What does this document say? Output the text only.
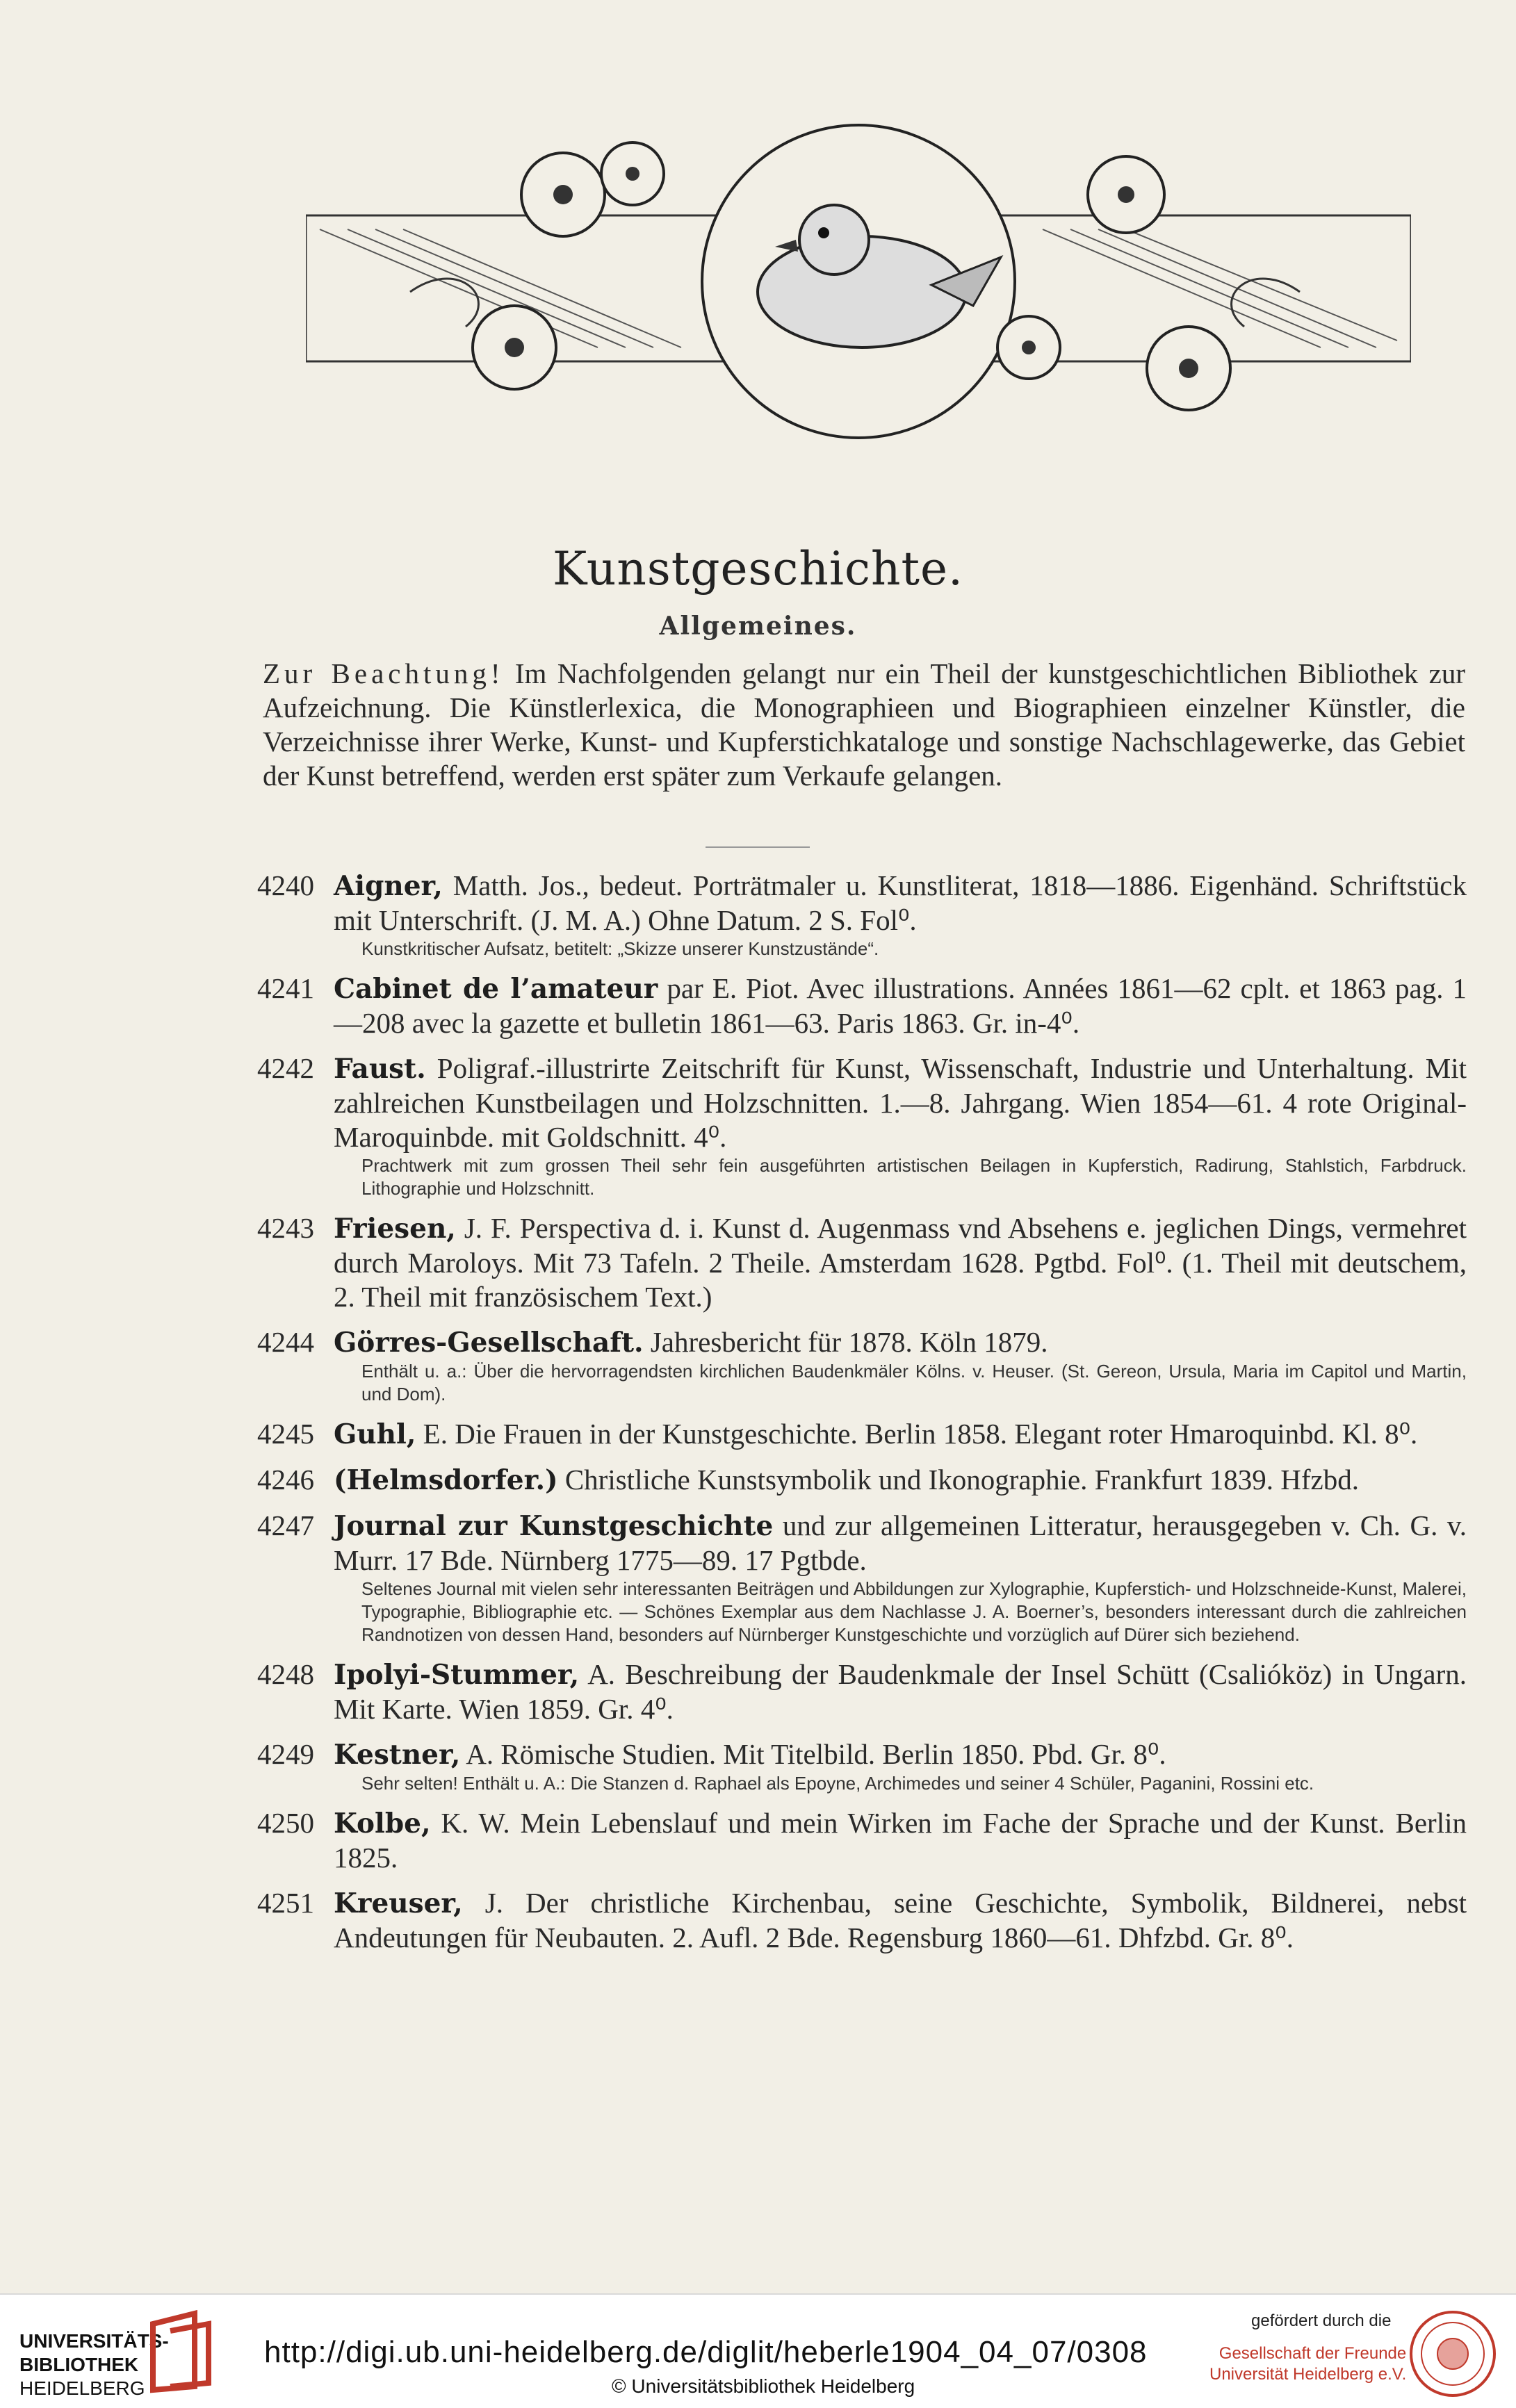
Kunstgeschichte.
Allgemeines.
Zur Beachtung! Im Nachfolgenden gelangt nur ein Theil der kunstgeschichtlichen Bibliothek zur Aufzeichnung. Die Künstlerlexica, die Monographieen und Biographieen einzelner Künstler, die Verzeichnisse ihrer Werke, Kunst- und Kupferstichkataloge und sonstige Nachschlagewerke, das Gebiet der Kunst betreffend, werden erst später zum Verkaufe gelangen.
4240 Aigner, Matth. Jos., bedeut. Porträtmaler u. Kunstliterat, 1818—1886. Eigenhänd. Schriftstück mit Unterschrift. (J. M. A.) Ohne Datum. 2 S. Fol⁰.
Kunstkritischer Aufsatz, betitelt: „Skizze unserer Kunstzustände“.
4241 Cabinet de l’amateur par E. Piot. Avec illustrations. Années 1861—62 cplt. et 1863 pag. 1—208 avec la gazette et bulletin 1861—63. Paris 1863. Gr. in-4⁰.
4242 Faust. Poligraf.-illustrirte Zeitschrift für Kunst, Wissenschaft, Industrie und Unterhaltung. Mit zahlreichen Kunstbeilagen und Holzschnitten. 1.—8. Jahrgang. Wien 1854—61. 4 rote Original-Maroquinbde. mit Goldschnitt. 4⁰.
Prachtwerk mit zum grossen Theil sehr fein ausgeführten artistischen Beilagen in Kupferstich, Radirung, Stahlstich, Farbdruck. Lithographie und Holzschnitt.
4243 Friesen, J. F. Perspectiva d. i. Kunst d. Augenmass vnd Absehens e. jeglichen Dings, vermehret durch Maroloys. Mit 73 Tafeln. 2 Theile. Amsterdam 1628. Pgtbd. Fol⁰. (1. Theil mit deutschem, 2. Theil mit französischem Text.)
4244 Görres-Gesellschaft. Jahresbericht für 1878. Köln 1879.
Enthält u. a.: Über die hervorragendsten kirchlichen Baudenkmäler Kölns. v. Heuser. (St. Gereon, Ursula, Maria im Capitol und Martin, und Dom).
4245 Guhl, E. Die Frauen in der Kunstgeschichte. Berlin 1858. Elegant roter Hmaroquinbd. Kl. 8⁰.
4246 (Helmsdorfer.) Christliche Kunstsymbolik und Ikonographie. Frankfurt 1839. Hfzbd.
4247 Journal zur Kunstgeschichte und zur allgemeinen Litteratur, herausgegeben v. Ch. G. v. Murr. 17 Bde. Nürnberg 1775—89. 17 Pgtbde.
Seltenes Journal mit vielen sehr interessanten Beiträgen und Abbildungen zur Xylographie, Kupferstich- und Holzschneide-Kunst, Malerei, Typographie, Bibliographie etc. — Schönes Exemplar aus dem Nachlasse J. A. Boerner’s, besonders interessant durch die zahlreichen Randnotizen von dessen Hand, besonders auf Nürnberger Kunstgeschichte und vorzüglich auf Dürer sich beziehend.
4248 Ipolyi-Stummer, A. Beschreibung der Baudenkmale der Insel Schütt (Csalióköz) in Ungarn. Mit Karte. Wien 1859. Gr. 4⁰.
4249 Kestner, A. Römische Studien. Mit Titelbild. Berlin 1850. Pbd. Gr. 8⁰.
Sehr selten! Enthält u. A.: Die Stanzen d. Raphael als Epoyne, Archimedes und seiner 4 Schüler, Paganini, Rossini etc.
4250 Kolbe, K. W. Mein Lebenslauf und mein Wirken im Fache der Sprache und der Kunst. Berlin 1825.
4251 Kreuser, J. Der christliche Kirchenbau, seine Geschichte, Symbolik, Bildnerei, nebst Andeutungen für Neubauten. 2. Aufl. 2 Bde. Regensburg 1860—61. Dhfzbd. Gr. 8⁰.
UNIVERSITÄTS-
BIBLIOTHEK
HEIDELBERG
http://digi.ub.uni-heidelberg.de/diglit/heberle1904_04_07/0308
© Universitätsbibliothek Heidelberg
gefördert durch die
Gesellschaft der Freunde
Universität Heidelberg e.V.
